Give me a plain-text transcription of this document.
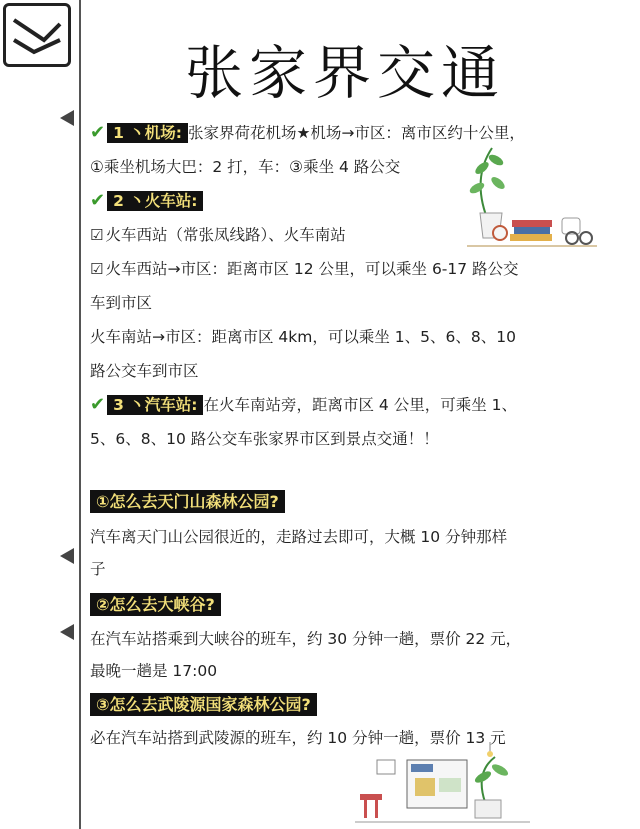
张家界交通
✔ 1 丶机场: 张家界荷花机场★机场→市区：离市区约十公里，
①乘坐机场大巴：2 打，车：③乘坐 4 路公交
✔ 2 丶火车站:
☑ 火车西站（常张凤线路）、火车南站
☑ 火车西站→市区：距离市区 12 公里，可以乘坐 6-17 路公交
车到市区
火车南站→市区：距离市区 4km，可以乘坐 1、5、6、8、10
路公交车到市区
✔ 3 丶汽车站: 在火车南站旁，距离市区 4 公里，可乘坐 1、
5、6、8、10 路公交车张家界市区到景点交通！！
①怎么去天门山森林公园?
汽车离天门山公园很近的，走路过去即可，大概 10 分钟那样
子
②怎么去大峡谷?
在汽车站搭乘到大峡谷的班车，约 30 分钟一趟，票价 22 元，
最晚一趟是 17:00
③怎么去武陵源国家森林公园?
必在汽车站搭到武陵源的班车，约 10 分钟一趟，票价 13 元
